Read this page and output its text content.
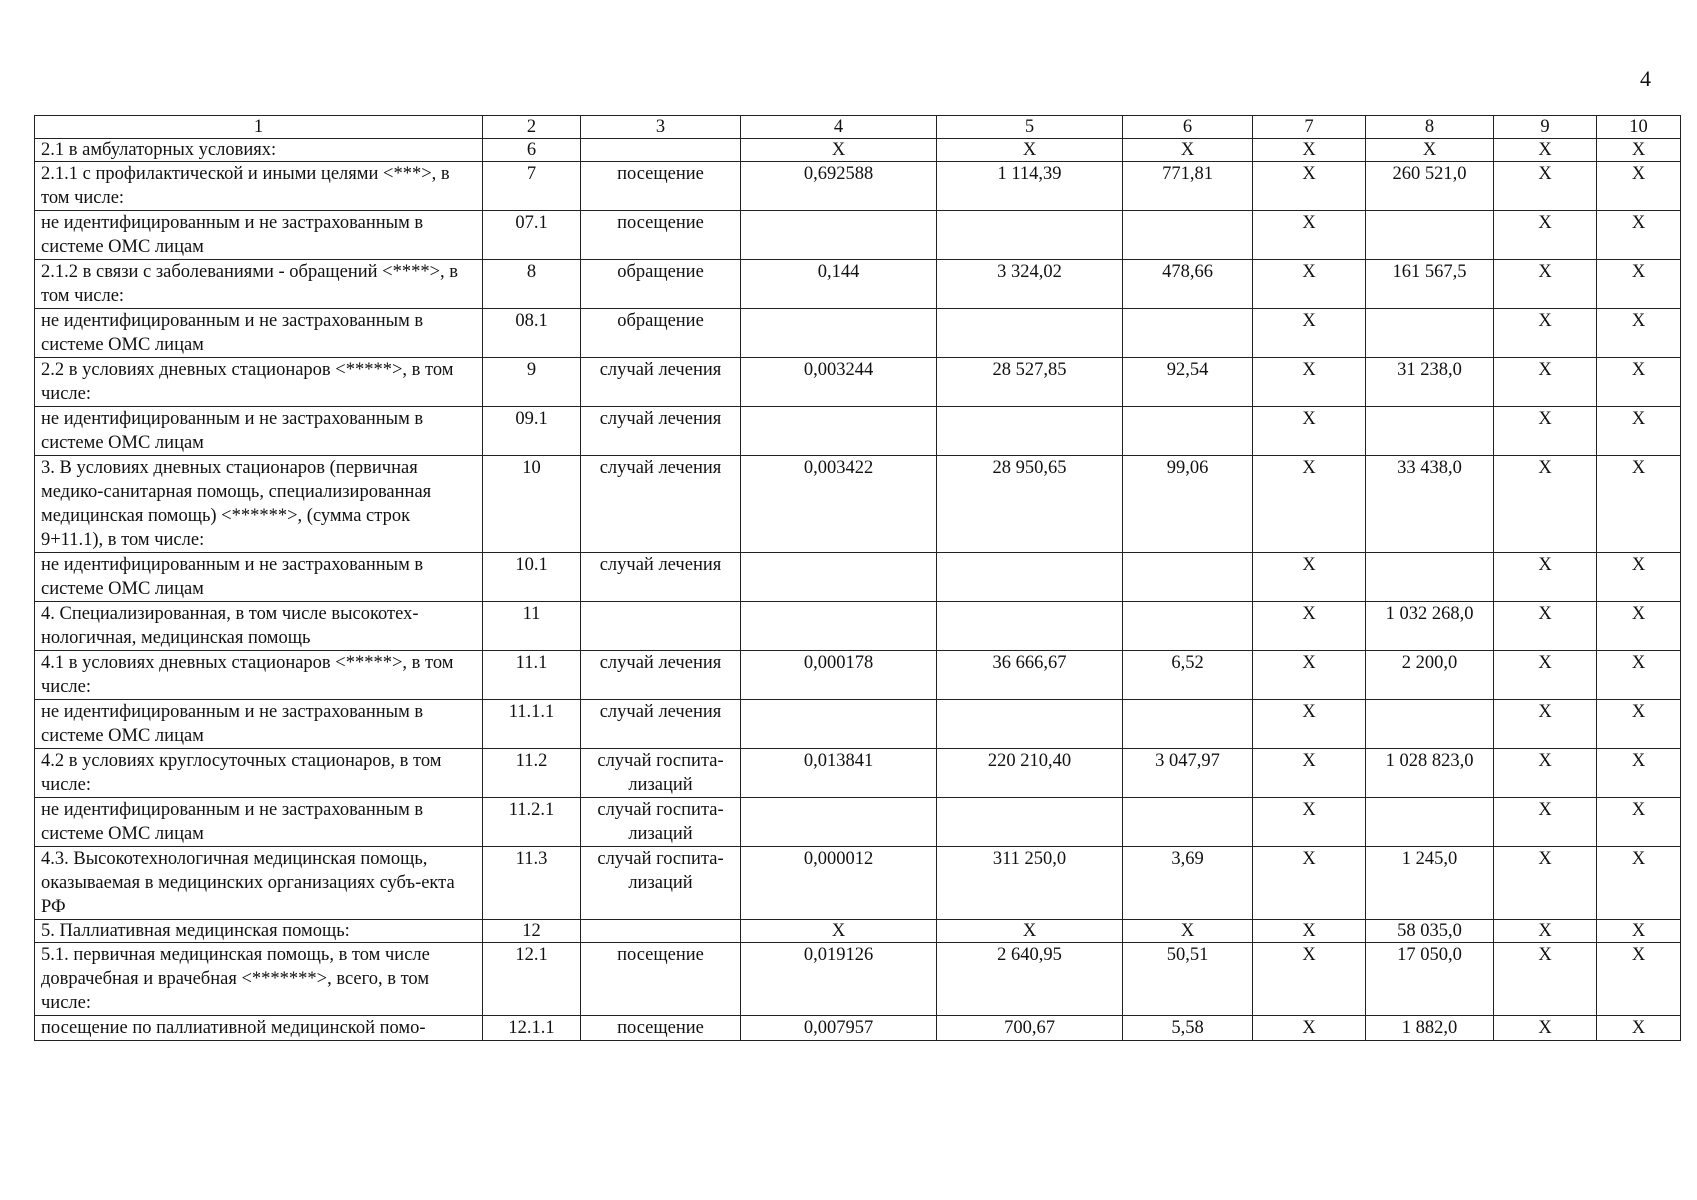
4
1	2	3	4	5	6	7	8	9	10
2.1 в амбулаторных условиях:	6		X	X	X	X	X	X	X
2.1.1 с профилактической и иными целями <***>, в том числе:	7	посещение	0,692588	1 114,39	771,81	X	260 521,0	X	X
не идентифицированным и не застрахованным в системе ОМС лицам	07.1	посещение				X		X	X
2.1.2 в связи с заболеваниями - обращений <****>, в том числе:	8	обращение	0,144	3 324,02	478,66	X	161 567,5	X	X
не идентифицированным и не застрахованным в системе ОМС лицам	08.1	обращение				X		X	X
2.2 в условиях дневных стационаров <*****>, в том числе:	9	случай лечения	0,003244	28 527,85	92,54	X	31 238,0	X	X
не идентифицированным и не застрахованным в системе ОМС лицам	09.1	случай лечения				X		X	X
3. В условиях дневных стационаров (первичная медико-санитарная помощь, специализированная медицинская помощь) <******>, (сумма строк 9+11.1), в том числе:	10	случай лечения	0,003422	28 950,65	99,06	X	33 438,0	X	X
не идентифицированным и не застрахованным в системе ОМС лицам	10.1	случай лечения				X		X	X
4. Специализированная, в том числе высокотех-нологичная, медицинская помощь	11					X	1 032 268,0	X	X
4.1 в условиях дневных стационаров <*****>, в том числе:	11.1	случай лечения	0,000178	36 666,67	6,52	X	2 200,0	X	X
не идентифицированным и не застрахованным в системе ОМС лицам	11.1.1	случай лечения				X		X	X
4.2 в условиях круглосуточных стационаров, в том числе:	11.2	случай госпита-лизаций	0,013841	220 210,40	3 047,97	X	1 028 823,0	X	X
не идентифицированным и не застрахованным в системе ОМС лицам	11.2.1	случай госпита-лизаций				X		X	X
4.3. Высокотехнологичная медицинская помощь, оказываемая в медицинских организациях субъ-екта РФ	11.3	случай госпита-лизаций	0,000012	311 250,0	3,69	X	1 245,0	X	X
5. Паллиативная медицинская помощь:	12		X	X	X	X	58 035,0	X	X
5.1. первичная медицинская помощь, в том числе доврачебная и врачебная <*******>, всего, в том числе:	12.1	посещение	0,019126	2 640,95	50,51	X	17 050,0	X	X
посещение по паллиативной медицинской помо-	12.1.1	посещение	0,007957	700,67	5,58	X	1 882,0	X	X
